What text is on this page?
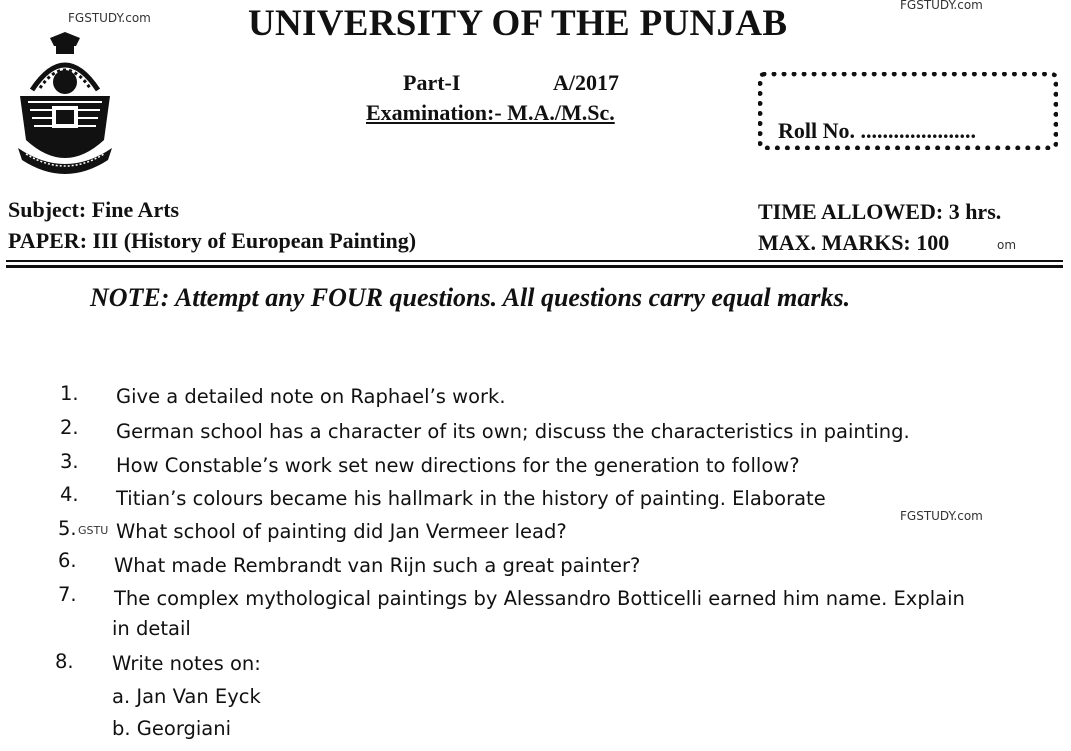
FGSTUDY.com
FGSTUDY.com
FGSTUDY.com
om
GSTU
UNIVERSITY OF THE PUNJAB
Part-I	A/2017
Examination:- M.A./M.Sc.
Roll No. .....................
Subject: Fine Arts
PAPER: III (History of European Painting)
TIME ALLOWED: 3 hrs.
MAX. MARKS: 100
NOTE: Attempt any FOUR questions. All questions carry equal marks.
1. Give a detailed note on Raphael’s work.
2. German school has a character of its own; discuss the characteristics in painting.
3. How Constable’s work set new directions for the generation to follow?
4. Titian’s colours became his hallmark in the history of painting. Elaborate
5. What school of painting did Jan Vermeer lead?
6. What made Rembrandt van Rijn such a great painter?
7. The complex mythological paintings by Alessandro Botticelli earned him name. Explain
in detail
8. Write notes on:
a. Jan Van Eyck
b. Georgiani
